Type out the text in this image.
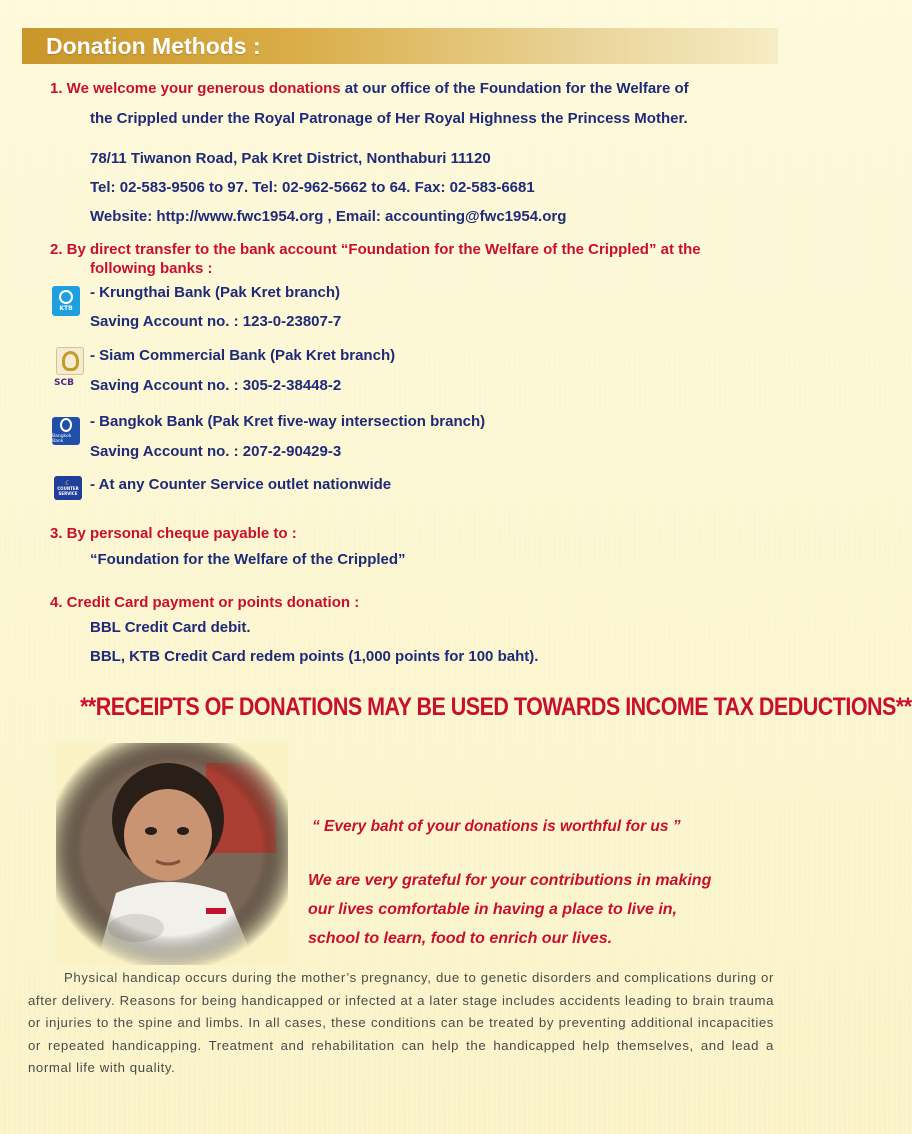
Donation Methods :
1. We welcome your generous donations at our office of the Foundation for the Welfare of
the Crippled under the Royal Patronage of Her Royal Highness the Princess Mother.
78/11 Tiwanon Road, Pak Kret District, Nonthaburi 11120
Tel: 02-583-9506 to 97. Tel: 02-962-5662 to 64. Fax: 02-583-6681
Website: http://www.fwc1954.org , Email: accounting@fwc1954.org
2. By direct transfer to the bank account “Foundation for the Welfare of the Crippled” at the
following banks :
KTB
- Krungthai Bank (Pak Kret branch)
Saving Account no. : 123-0-23807-7
SCB
- Siam Commercial Bank (Pak Kret branch)
Saving Account no. : 305-2-38448-2
Bangkok Bank
- Bangkok Bank (Pak Kret five-way intersection branch)
Saving Account no. : 207-2-90429-3
☾
COUNTER SERVICE - At any Counter Service outlet nationwide
3. By personal cheque payable to :
“Foundation for the Welfare of the Crippled”
4. Credit Card payment or points donation :
BBL Credit Card debit.
BBL, KTB Credit Card redem points (1,000 points for 100 baht).
**RECEIPTS OF DONATIONS MAY BE USED TOWARDS INCOME TAX DEDUCTIONS**
“ Every baht of your donations is worthful for us ”
We are very grateful for your contributions in making
our lives comfortable in having a place to live in,
school to learn, food to enrich our lives.
Physical handicap occurs during the mother’s pregnancy, due to genetic disorders and complications during or after delivery. Reasons for being handicapped or infected at a later stage includes accidents leading to brain trauma or injuries to the spine and limbs. In all cases, these conditions can be treated by preventing additional incapacities or repeated handicapping. Treatment and rehabilitation can help the handicapped help themselves, and lead a normal life with quality.
